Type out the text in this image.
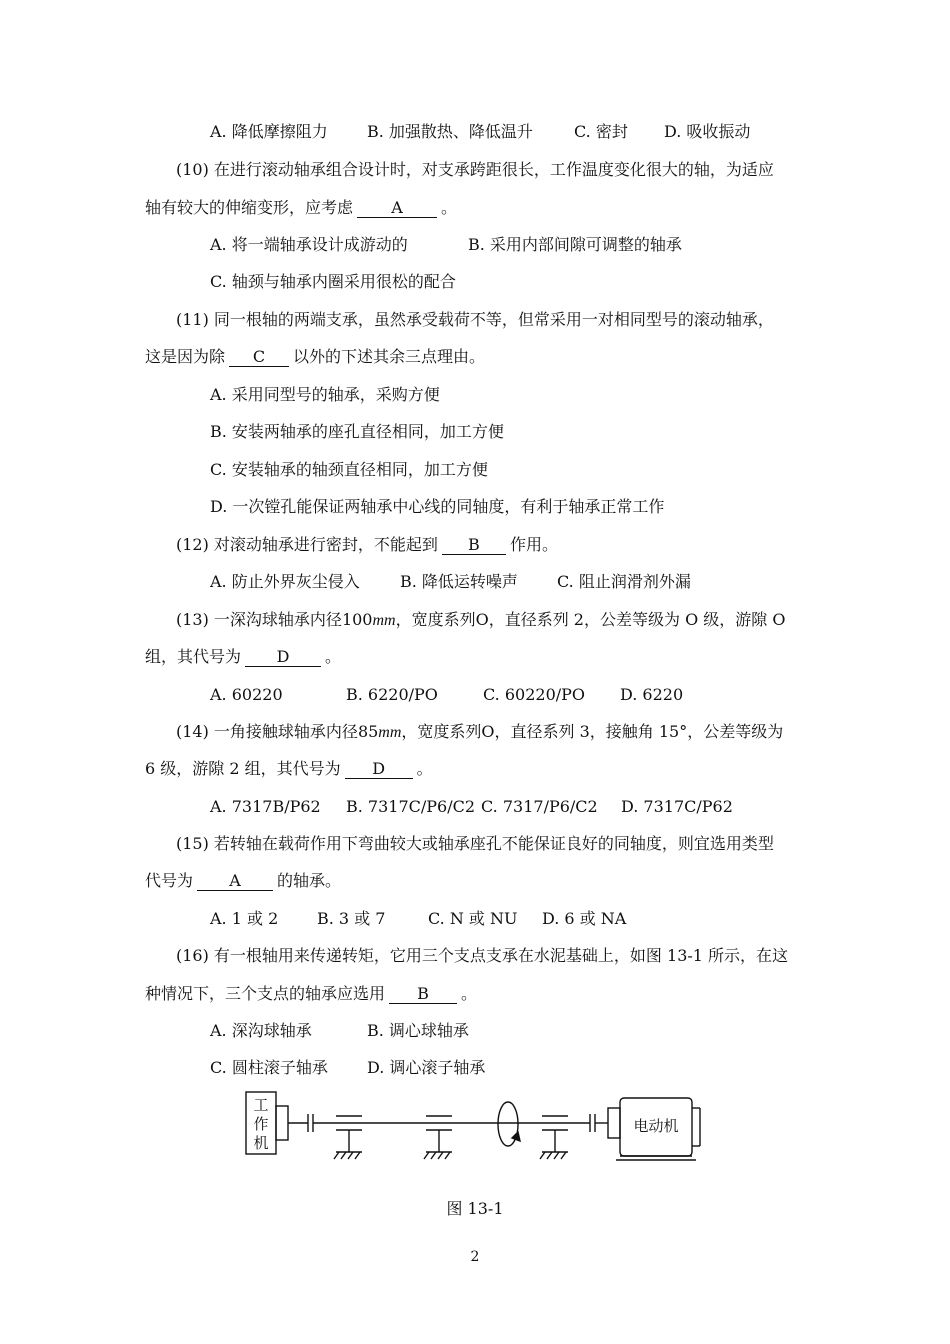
A. 降低摩擦阻力 B. 加强散热、降低温升	C. 密封 D. 吸收振动
(10) 在进行滚动轴承组合设计时，对支承跨距很长，工作温度变化很大的轴，为适应
轴有较大的伸缩变形，应考虑 A 。
A. 将一端轴承设计成游动的	B. 采用内部间隙可调整的轴承
C. 轴颈与轴承内圈采用很松的配合
(11) 同一根轴的两端支承，虽然承受载荷不等，但常采用一对相同型号的滚动轴承，
这是因为除 C 以外的下述其余三点理由。
A. 采用同型号的轴承，采购方便
B. 安装两轴承的座孔直径相同，加工方便
C. 安装轴承的轴颈直径相同，加工方便
D. 一次镗孔能保证两轴承中心线的同轴度，有利于轴承正常工作
(12) 对滚动轴承进行密封，不能起到 B 作用。
A. 防止外界灰尘侵入	B. 降低运转噪声 C. 阻止润滑剂外漏
(13) 一深沟球轴承内径100mm，宽度系列O，直径系列 2，公差等级为 O 级，游隙 O
组，其代号为 D 。
A. 60220	B. 6220/PO	C. 60220/PO D. 6220
(14) 一角接触球轴承内径85mm，宽度系列O，直径系列 3，接触角 15°，公差等级为
6 级，游隙 2 组，其代号为 D 。
A. 7317B/P62 B. 7317C/P6/C2 C. 7317/P6/C2 D. 7317C/P62
(15) 若转轴在载荷作用下弯曲较大或轴承座孔不能保证良好的同轴度，则宜选用类型
代号为 A 的轴承。
A. 1 或 2 B. 3 或 7	C. N 或 NU D. 6 或 NA
(16) 有一根轴用来传递转矩，它用三个支点支承在水泥基础上，如图 13-1 所示，在这
种情况下，三个支点的轴承应选用 B 。
A. 深沟球轴承	B. 调心球轴承
C. 圆柱滚子轴承 D. 调心滚子轴承
工
作
机
电动机
图 13-1
2
